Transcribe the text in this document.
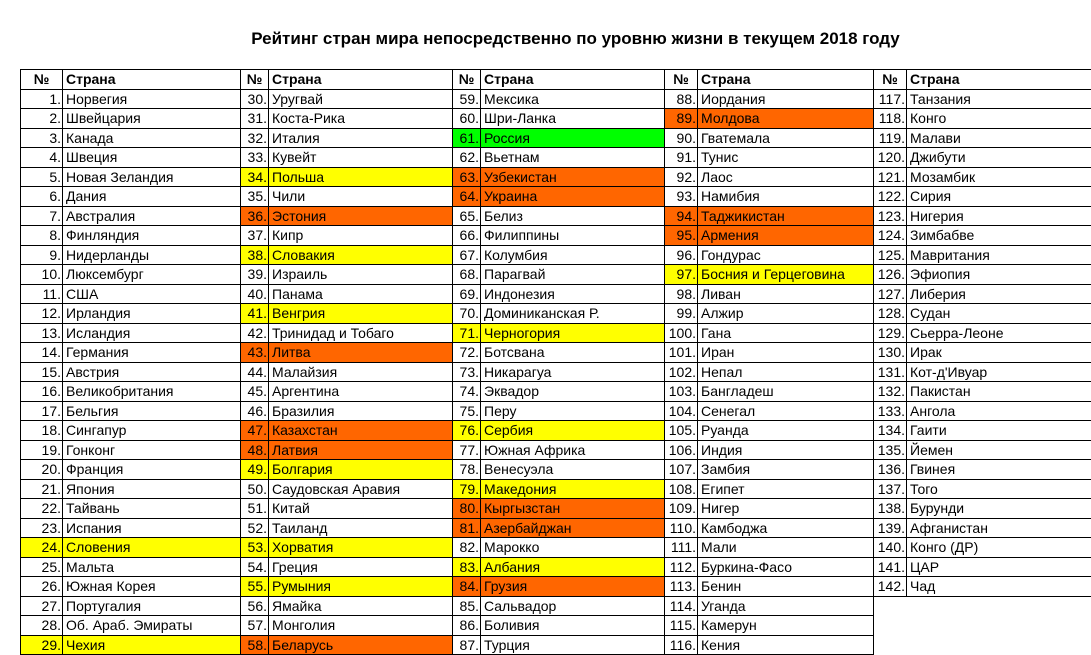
Рейтинг стран мира непосредственно по уровню жизни в текущем 2018 году
№	Страна
1.	Норвегия
2.	Швейцария
3.	Канада
4.	Швеция
5.	Новая Зеландия
6.	Дания
7.	Австралия
8.	Финляндия
9.	Нидерланды
10.	Люксембург
11.	США
12.	Ирландия
13.	Исландия
14.	Германия
15.	Австрия
16.	Великобритания
17.	Бельгия
18.	Сингапур
19.	Гонконг
20.	Франция
21.	Япония
22.	Тайвань
23.	Испания
24.	Словения
25.	Мальта
26.	Южная Корея
27.	Португалия
28.	Об. Араб. Эмираты
29.	Чехия
№	Страна
30.	Уругвай
31.	Коста-Рика
32.	Италия
33.	Кувейт
34.	Польша
35.	Чили
36.	Эстония
37.	Кипр
38.	Словакия
39.	Израиль
40.	Панама
41.	Венгрия
42.	Тринидад и Тобаго
43.	Литва
44.	Малайзия
45.	Аргентина
46.	Бразилия
47.	Казахстан
48.	Латвия
49.	Болгария
50.	Саудовская Аравия
51.	Китай
52.	Таиланд
53.	Хорватия
54.	Греция
55.	Румыния
56.	Ямайка
57.	Монголия
58.	Беларусь
№	Страна
59.	Мексика
60.	Шри-Ланка
61.	Россия
62.	Вьетнам
63.	Узбекистан
64.	Украина
65.	Белиз
66.	Филиппины
67.	Колумбия
68.	Парагвай
69.	Индонезия
70.	Доминиканская Р.
71.	Черногория
72.	Ботсвана
73.	Никарагуа
74.	Эквадор
75.	Перу
76.	Сербия
77.	Южная Африка
78.	Венесуэла
79.	Македония
80.	Кыргызстан
81.	Азербайджан
82.	Марокко
83.	Албания
84.	Грузия
85.	Сальвадор
86.	Боливия
87.	Турция
№	Страна
88.	Иордания
89.	Молдова
90.	Гватемала
91.	Тунис
92.	Лаос
93.	Намибия
94.	Таджикистан
95.	Армения
96.	Гондурас
97.	Босния и Герцеговина
98.	Ливан
99.	Алжир
100.	Гана
101.	Иран
102.	Непал
103.	Бангладеш
104.	Сенегал
105.	Руанда
106.	Индия
107.	Замбия
108.	Египет
109.	Нигер
110.	Камбоджа
111.	Мали
112.	Буркина-Фасо
113.	Бенин
114.	Уганда
115.	Камерун
116.	Кения
№	Страна
117.	Танзания
118.	Конго
119.	Малави
120.	Джибути
121.	Мозамбик
122.	Сирия
123.	Нигерия
124.	Зимбабве
125.	Мавритания
126.	Эфиопия
127.	Либерия
128.	Судан
129.	Сьерра-Леоне
130.	Ирак
131.	Кот-д'Ивуар
132.	Пакистан
133.	Ангола
134.	Гаити
135.	Йемен
136.	Гвинея
137.	Того
138.	Бурунди
139.	Афганистан
140.	Конго (ДР)
141.	ЦАР
142.	Чад
